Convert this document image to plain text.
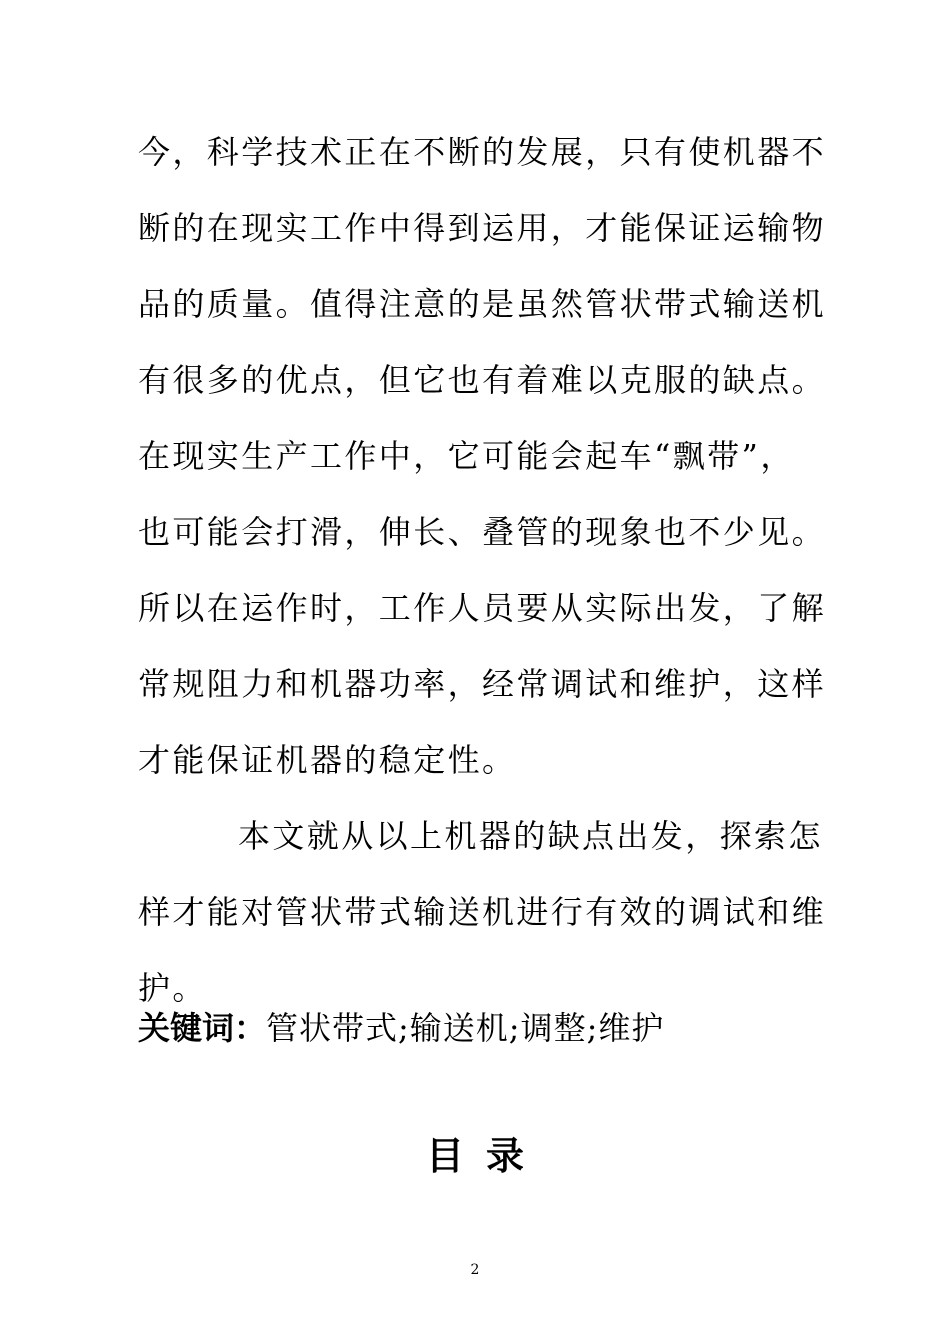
今，科学技术正在不断的发展，只有使机器不
断的在现实工作中得到运用，才能保证运输物
品的质量。值得注意的是虽然管状带式输送机
有很多的优点，但它也有着难以克服的缺点。
在现实生产工作中，它可能会起车“飘带”，
也可能会打滑，伸长、叠管的现象也不少见。
所以在运作时，工作人员要从实际出发，了解
常规阻力和机器功率，经常调试和维护，这样
才能保证机器的稳定性。
本文就从以上机器的缺点出发，探索怎
样才能对管状带式输送机进行有效的调试和维
护。
关键词：管状带式;输送机;调整;维护
目录
2
